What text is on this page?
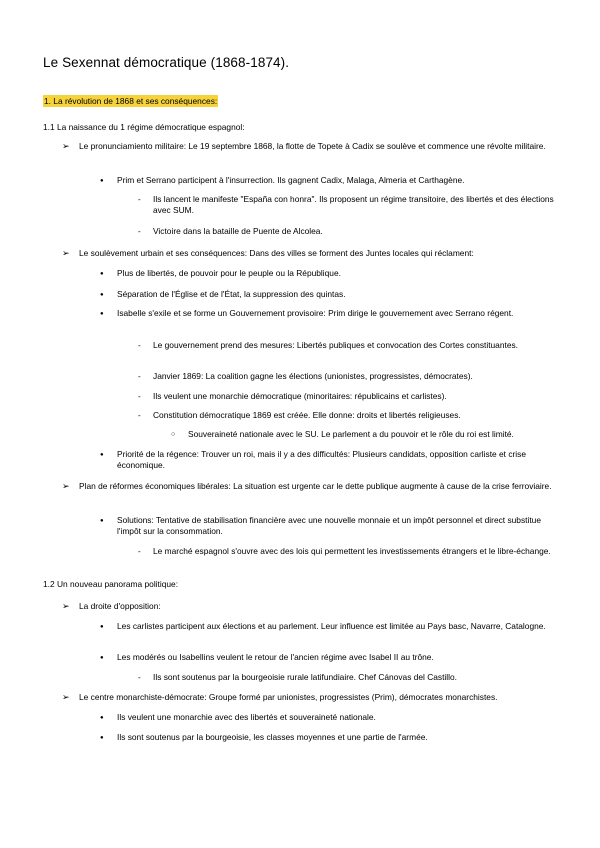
Le Sexennat démocratique (1868-1874).
1. La révolution de 1868 et ses conséquences:
1.1 La naissance du 1 régime démocratique espagnol:
➢ Le pronunciamiento militaire: Le 19 septembre 1868, la flotte de Topete à Cadix se soulève et commence une révolte militaire.
● Prim et Serrano participent à l'insurrection. Ils gagnent Cadix, Malaga, Almeria et Carthagène.
- Ils lancent le manifeste "España con honra". Ils proposent un régime transitoire, des libertés et des élections avec SUM.
- Victoire dans la bataille de Puente de Alcolea.
➢ Le soulèvement urbain et ses conséquences: Dans des villes se forment des Juntes locales qui réclament:
● Plus de libertés, de pouvoir pour le peuple ou la République.
● Séparation de l'Église et de l'État, la suppression des quintas.
● Isabelle s'exile et se forme un Gouvernement provisoire: Prim dirige le gouvernement avec Serrano régent.
- Le gouvernement prend des mesures: Libertés publiques et convocation des Cortes constituantes.
- Janvier 1869: La coalition gagne les élections (unionistes, progressistes, démocrates).
- Ils veulent une monarchie démocratique (minoritaires: républicains et carlistes).
- Constitution démocratique 1869 est créée. Elle donne: droits et libertés religieuses.
○ Souveraineté nationale avec le SU. Le parlement a du pouvoir et le rôle du roi est limité.
● Priorité de la régence: Trouver un roi, mais il y a des difficultés: Plusieurs candidats, opposition carliste et crise économique.
➢ Plan de réformes économiques libérales: La situation est urgente car le dette publique augmente à cause de la crise ferroviaire.
● Solutions: Tentative de stabilisation financière avec une nouvelle monnaie et un impôt personnel et direct substitue l'impôt sur la consommation.
- Le marché espagnol s'ouvre avec des lois qui permettent les investissements étrangers et le libre-échange.
1.2 Un nouveau panorama politique:
➢ La droite d'opposition:
● Les carlistes participent aux élections et au parlement. Leur influence est limitée au Pays basc, Navarre, Catalogne.
● Les modérés ou Isabellins veulent le retour de l'ancien régime avec Isabel II au trône.
- Ils sont soutenus par la bourgeoisie rurale latifundiaire. Chef Cánovas del Castillo.
➢ Le centre monarchiste-démocrate: Groupe formé par unionistes, progressistes (Prim), démocrates monarchistes.
● Ils veulent une monarchie avec des libertés et souveraineté nationale.
● Ils sont soutenus par la bourgeoisie, les classes moyennes et une partie de l'armée.
